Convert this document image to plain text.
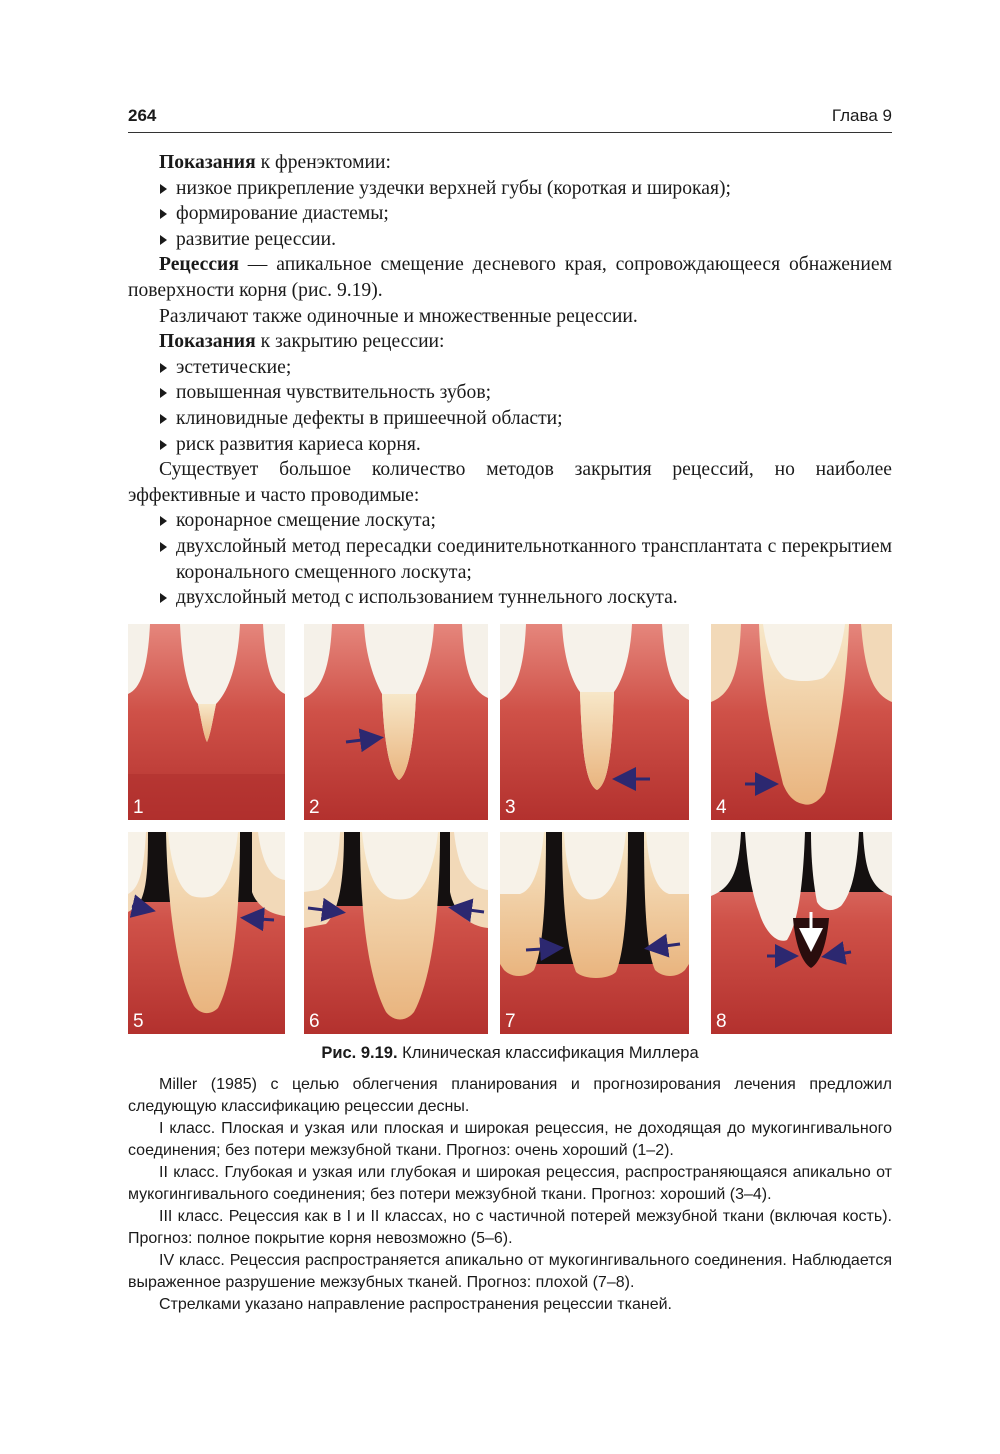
264	Глава 9

Показания к френэктомии:

низкое прикрепление уздечки верхней губы (короткая и широкая);
формирование диастемы;
развитие рецессии.

Рецессия — апикальное смещение десневого края, сопровождающееся обнажением поверхности корня (рис. 9.19).

Различают также одиночные и множественные рецессии.

Показания к закрытию рецессии:

эстетические;
повышенная чувствительность зубов;
клиновидные дефекты в пришеечной области;
риск развития кариеса корня.

Существует большое количество методов закрытия рецессий, но наиболее эффективные и часто проводимые:

коронарное смещение лоскута;
двухслойный метод пересадки соединительнотканного трансплантата с перекрытием коронального смещенного лоскута;
двухслойный метод с использованием туннельного лоскута.
1	2	3	4
5	6	7	8
Рис. 9.19. Клиническая классификация Миллера

Miller (1985) с целью облегчения планирования и прогнозирования лечения предложил следующую классификацию рецессии десны.

I класс. Плоская и узкая или плоская и широкая рецессия, не доходящая до мукогингивального соединения; без потери межзубной ткани. Прогноз: очень хороший (1–2).

II класс. Глубокая и узкая или глубокая и широкая рецессия, распространяющаяся апикально от мукогингивального соединения; без потери межзубной ткани. Прогноз: хороший (3–4).

III класс. Рецессия как в I и II классах, но с частичной потерей межзубной ткани (включая кость). Прогноз: полное покрытие корня невозможно (5–6).

IV класс. Рецессия распространяется апикально от мукогингивального соединения. Наблюдается выраженное разрушение межзубных тканей. Прогноз: плохой (7–8).

Стрелками указано направление распространения рецессии тканей.
